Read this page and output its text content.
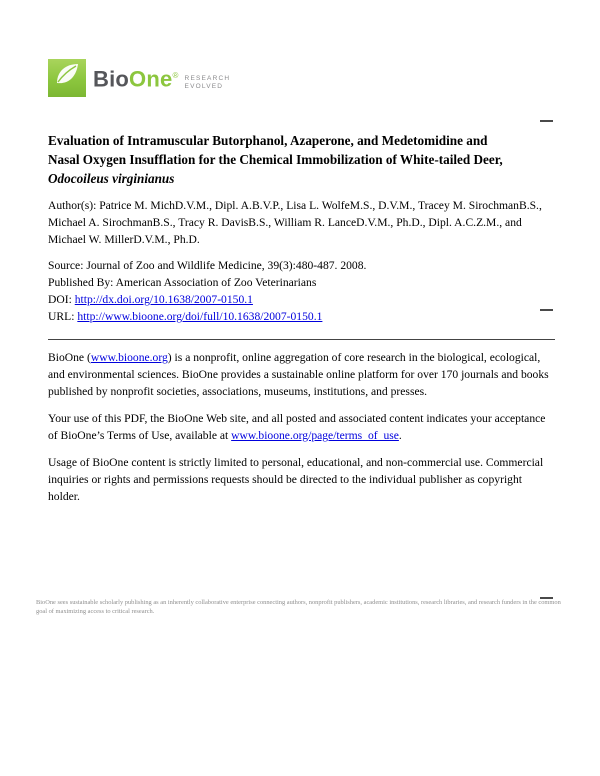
BioOne® RESEARCH
EVOLVED
Evaluation of Intramuscular Butorphanol, Azaperone, and Medetomidine and
Nasal Oxygen Insufflation for the Chemical Immobilization of White-tailed Deer,
Odocoileus virginianus
Author(s): Patrice M. MichD.V.M., Dipl. A.B.V.P., Lisa L. WolfeM.S., D.V.M., Tracey M. SirochmanB.S., Michael A. SirochmanB.S., Tracy R. DavisB.S., William R. LanceD.V.M., Ph.D., Dipl. A.C.Z.M., and Michael W. MillerD.V.M., Ph.D.
Source: Journal of Zoo and Wildlife Medicine, 39(3):480-487. 2008.
Published By: American Association of Zoo Veterinarians
DOI: http://dx.doi.org/10.1638/2007-0150.1
URL: http://www.bioone.org/doi/full/10.1638/2007-0150.1
BioOne (www.bioone.org) is a nonprofit, online aggregation of core research in the biological, ecological, and environmental sciences. BioOne provides a sustainable online platform for over 170 journals and books published by nonprofit societies, associations, museums, institutions, and presses.
Your use of this PDF, the BioOne Web site, and all posted and associated content indicates your acceptance of BioOne’s Terms of Use, available at www.bioone.org/page/terms_of_use.
Usage of BioOne content is strictly limited to personal, educational, and non-commercial use. Commercial inquiries or rights and permissions requests should be directed to the individual publisher as copyright holder.
BioOne sees sustainable scholarly publishing as an inherently collaborative enterprise connecting authors, nonprofit publishers, academic institutions, research libraries, and research funders in the common goal of maximizing access to critical research.
